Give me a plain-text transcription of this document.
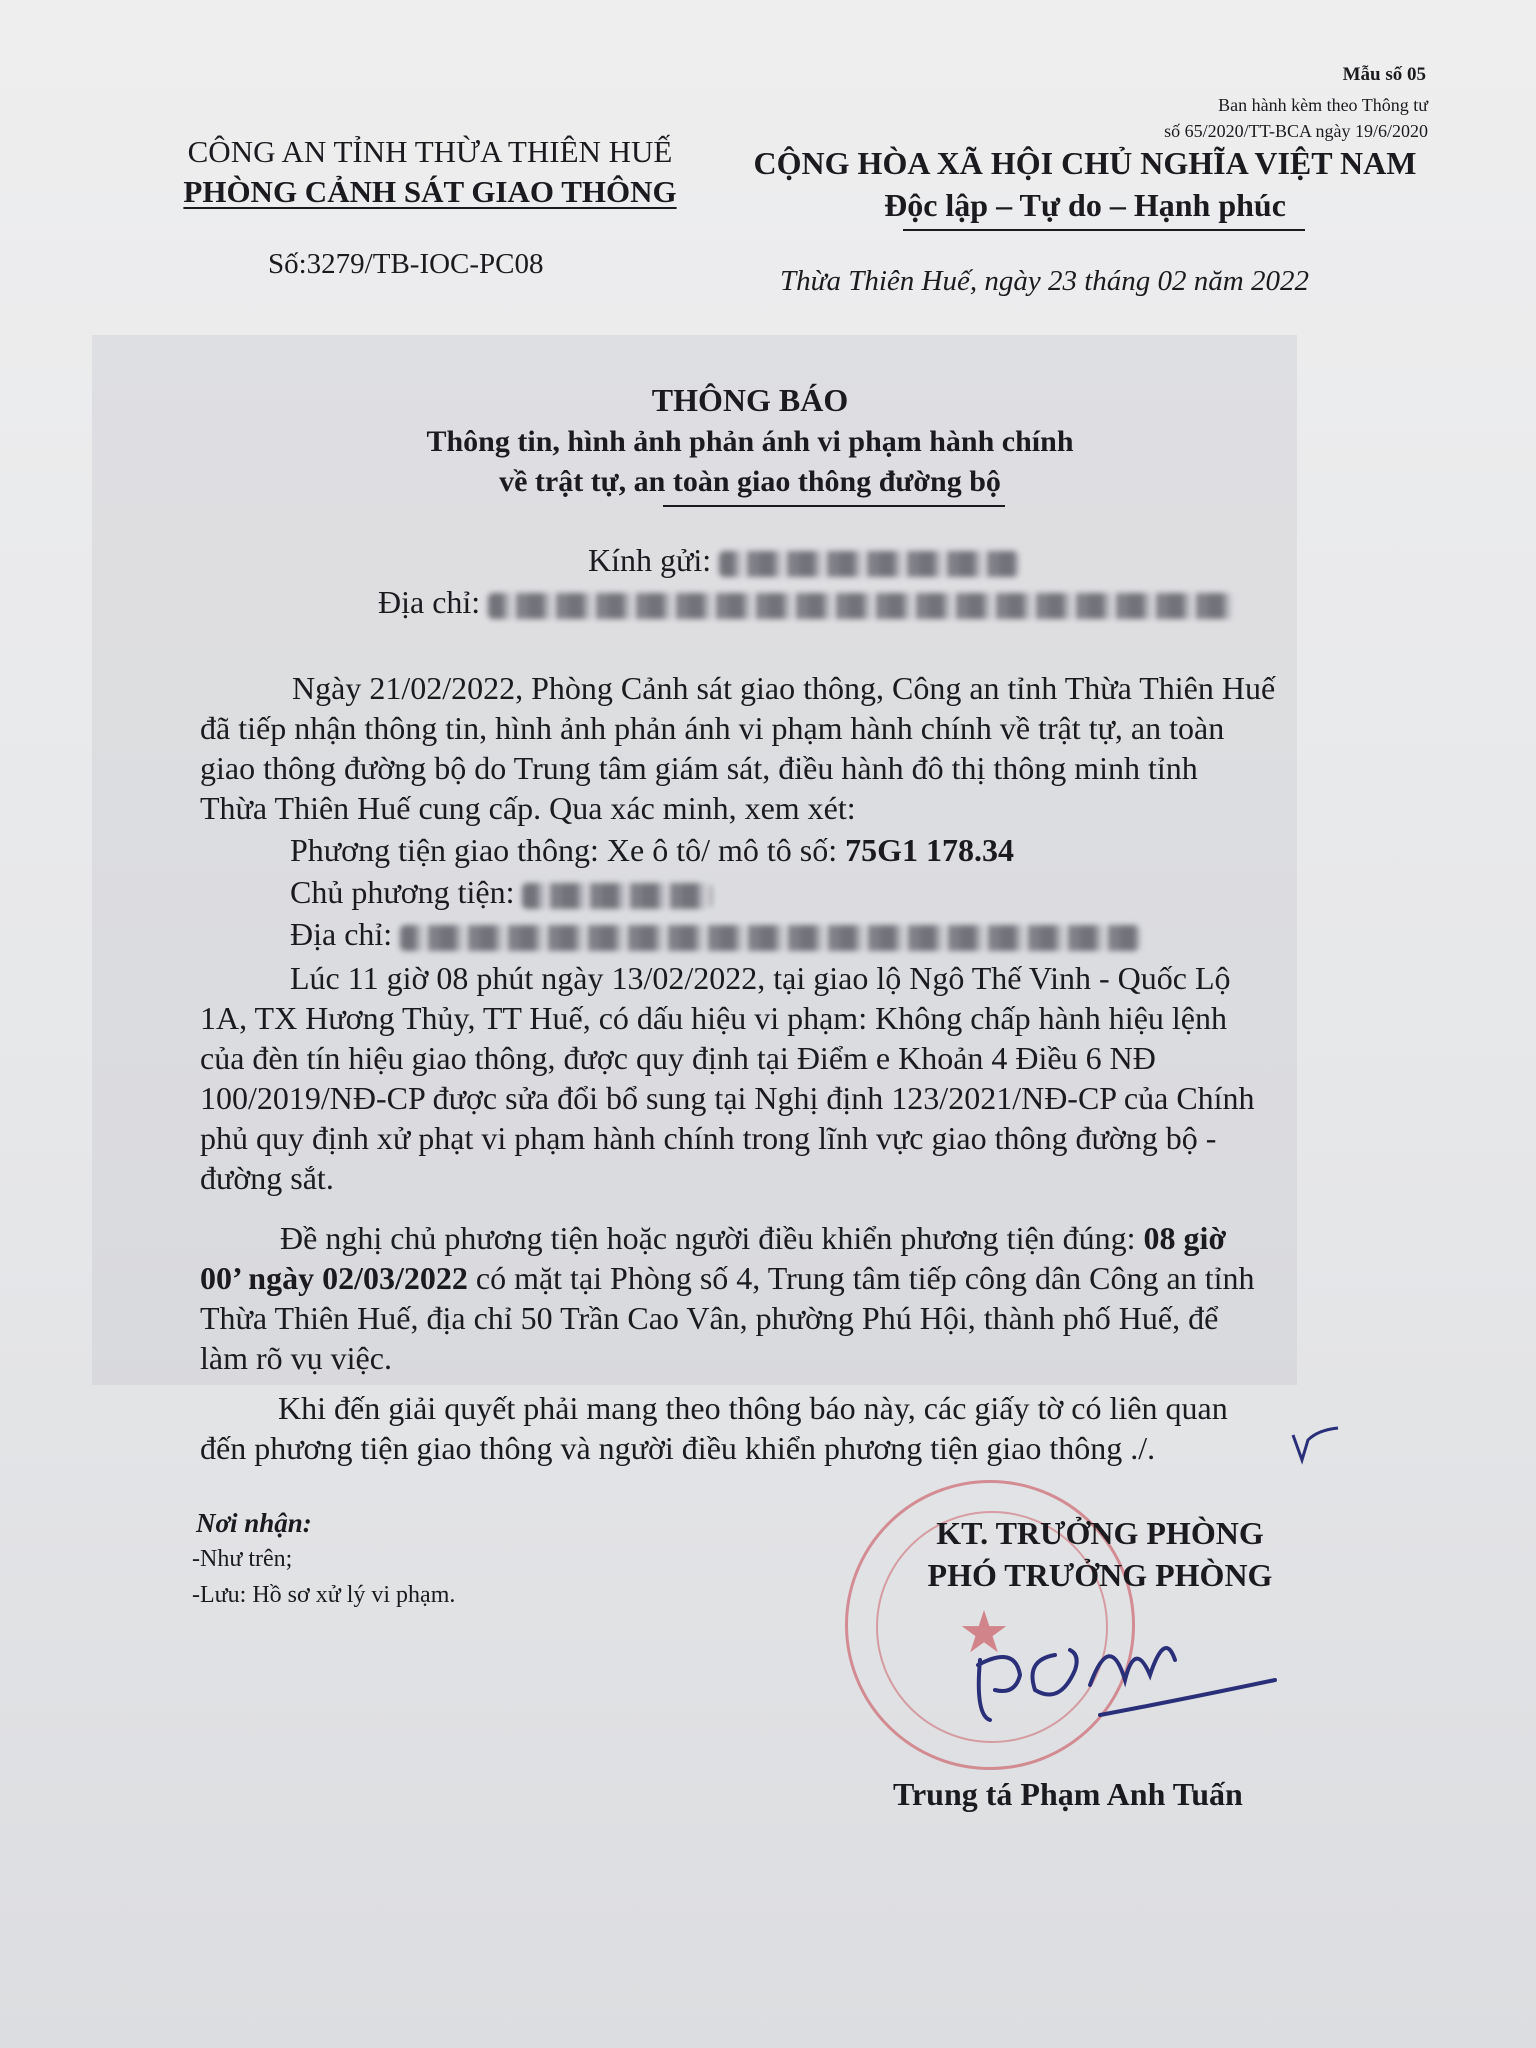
Mẫu số 05
Ban hành kèm theo Thông tư
số 65/2020/TT-BCA ngày 19/6/2020
CÔNG AN TỈNH THỪA THIÊN HUẾ
PHÒNG CẢNH SÁT GIAO THÔNG
CỘNG HÒA XÃ HỘI CHỦ NGHĨA VIỆT NAM
Độc lập – Tự do – Hạnh phúc
Số:3279/TB-IOC-PC08
Thừa Thiên Huế, ngày 23 tháng 02 năm 2022
THÔNG BÁO
Thông tin, hình ảnh phản ánh vi phạm hành chính
về trật tự, an toàn giao thông đường bộ
Kính gửi:
Địa chỉ:
Ngày 21/02/2022, Phòng Cảnh sát giao thông, Công an tỉnh Thừa Thiên Huế
đã tiếp nhận thông tin, hình ảnh phản ánh vi phạm hành chính về trật tự, an toàn
giao thông đường bộ do Trung tâm giám sát, điều hành đô thị thông minh tỉnh
Thừa Thiên Huế cung cấp. Qua xác minh, xem xét:
Phương tiện giao thông: Xe ô tô/ mô tô số: 75G1 178.34
Chủ phương tiện:
Địa chỉ:
Lúc 11 giờ 08 phút ngày 13/02/2022, tại giao lộ Ngô Thế Vinh - Quốc Lộ
1A, TX Hương Thủy, TT Huế, có dấu hiệu vi phạm: Không chấp hành hiệu lệnh
của đèn tín hiệu giao thông, được quy định tại Điểm e Khoản 4 Điều 6 NĐ
100/2019/NĐ-CP được sửa đổi bổ sung tại Nghị định 123/2021/NĐ-CP của Chính
phủ quy định xử phạt vi phạm hành chính trong lĩnh vực giao thông đường bộ -
đường sắt.
Đề nghị chủ phương tiện hoặc người điều khiển phương tiện đúng: 08 giờ
00’ ngày 02/03/2022 có mặt tại Phòng số 4, Trung tâm tiếp công dân Công an tỉnh
Thừa Thiên Huế, địa chỉ 50 Trần Cao Vân, phường Phú Hội, thành phố Huế, để
làm rõ vụ việc.
Khi đến giải quyết phải mang theo thông báo này, các giấy tờ có liên quan
đến phương tiện giao thông và người điều khiển phương tiện giao thông ./.
Nơi nhận:
-Như trên;
-Lưu: Hồ sơ xử lý vi phạm.
★
KT. TRƯỞNG PHÒNG
PHÓ TRƯỞNG PHÒNG
Trung tá Phạm Anh Tuấn
